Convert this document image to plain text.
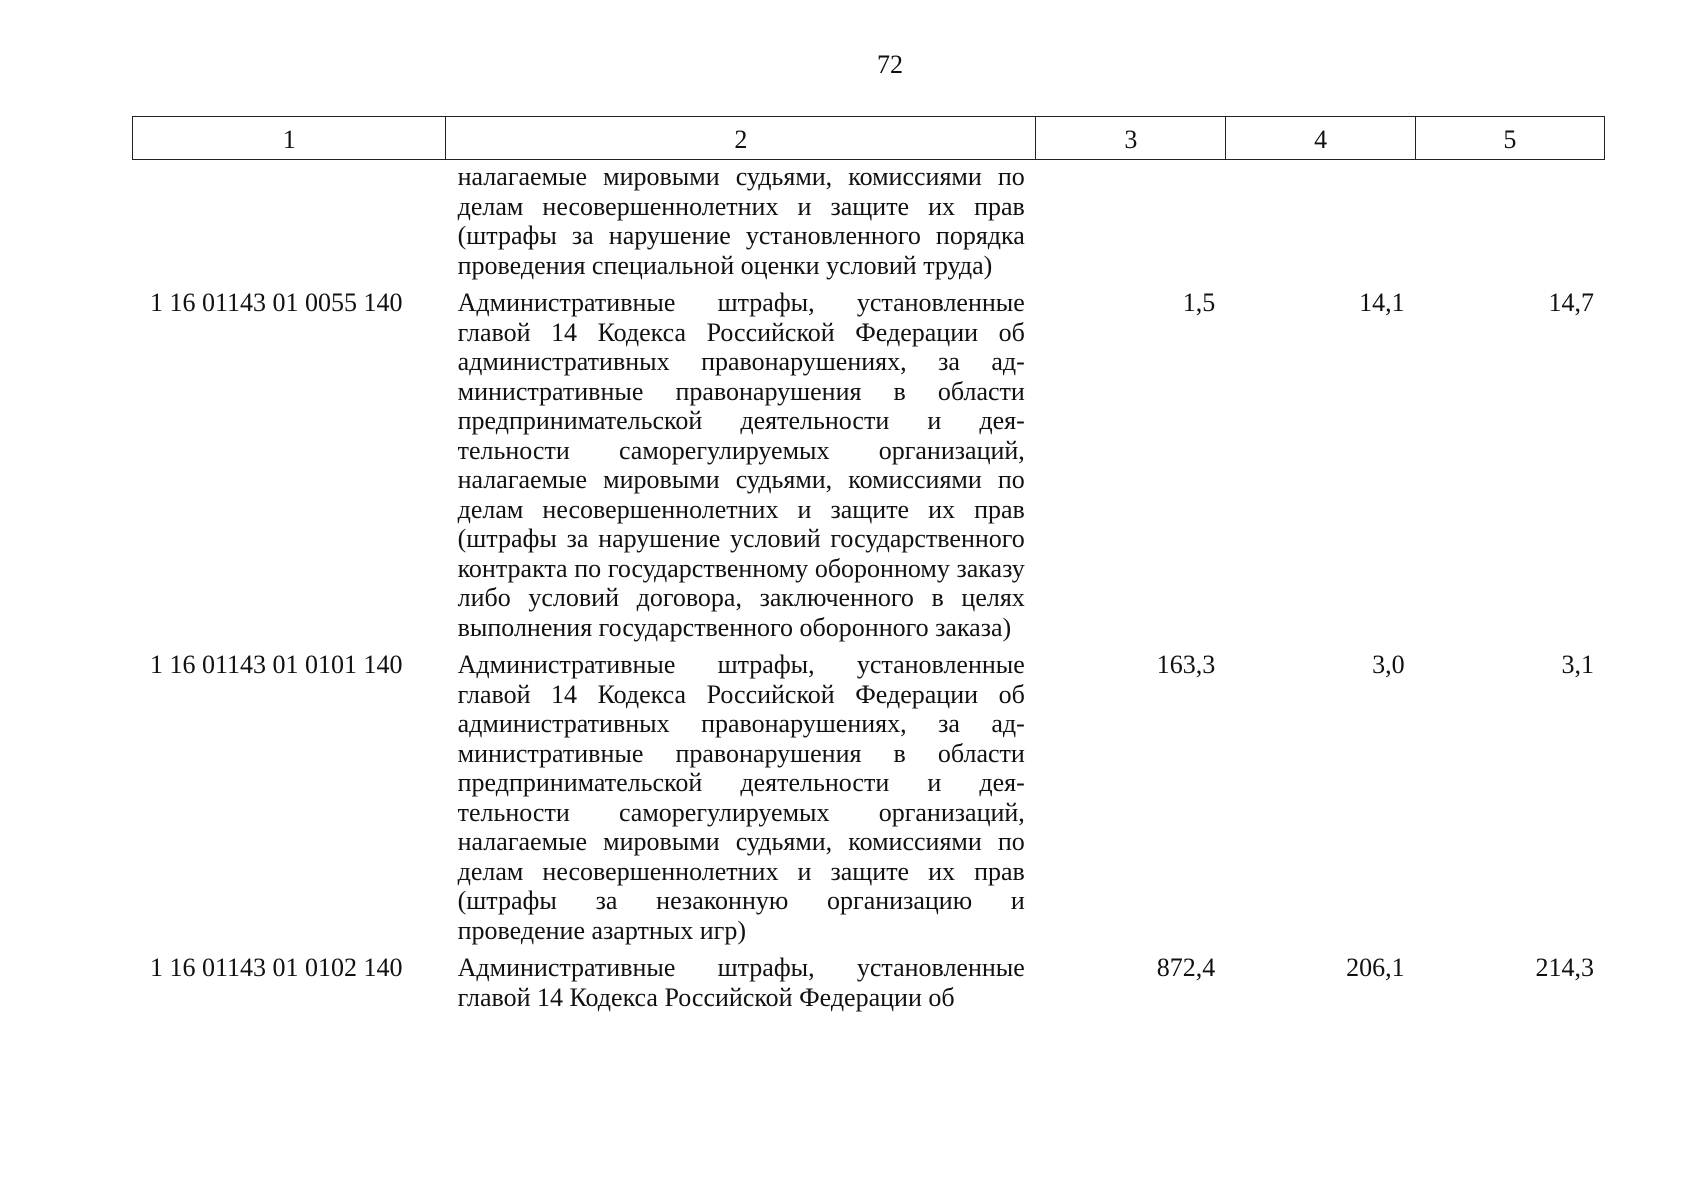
72
1	2	3	4	5
	налагаемые мировыми судьями, комиссиями по делам несовершеннолетних и защите их прав (штрафы за нарушение установленного порядка проведения специальной оценки условий труда)			
1 16 01143 01 0055 140	Административные штрафы, установленные главой 14 Кодекса Российской Федерации об административных правонарушениях, за административные правонарушения в области предпринимательской деятельности и деятельности саморегулируемых организаций, налагаемые мировыми судьями, комиссиями по делам несовершеннолетних и защите их прав (штрафы за нарушение условий государственного контракта по государственному оборонному заказу либо условий договора, заключенного в целях выполнения государственного оборонного заказа)	1,5	14,1	14,7
1 16 01143 01 0101 140	Административные штрафы, установленные главой 14 Кодекса Российской Федерации об административных правонарушениях, за административные правонарушения в области предпринимательской деятельности и деятельности саморегулируемых организаций, налагаемые мировыми судьями, комиссиями по делам несовершеннолетних и защите их прав (штрафы за незаконную организацию и проведение азартных игр)	163,3	3,0	3,1
1 16 01143 01 0102 140	Административные штрафы, установленные главой 14 Кодекса Российской Федерации об	872,4	206,1	214,3
